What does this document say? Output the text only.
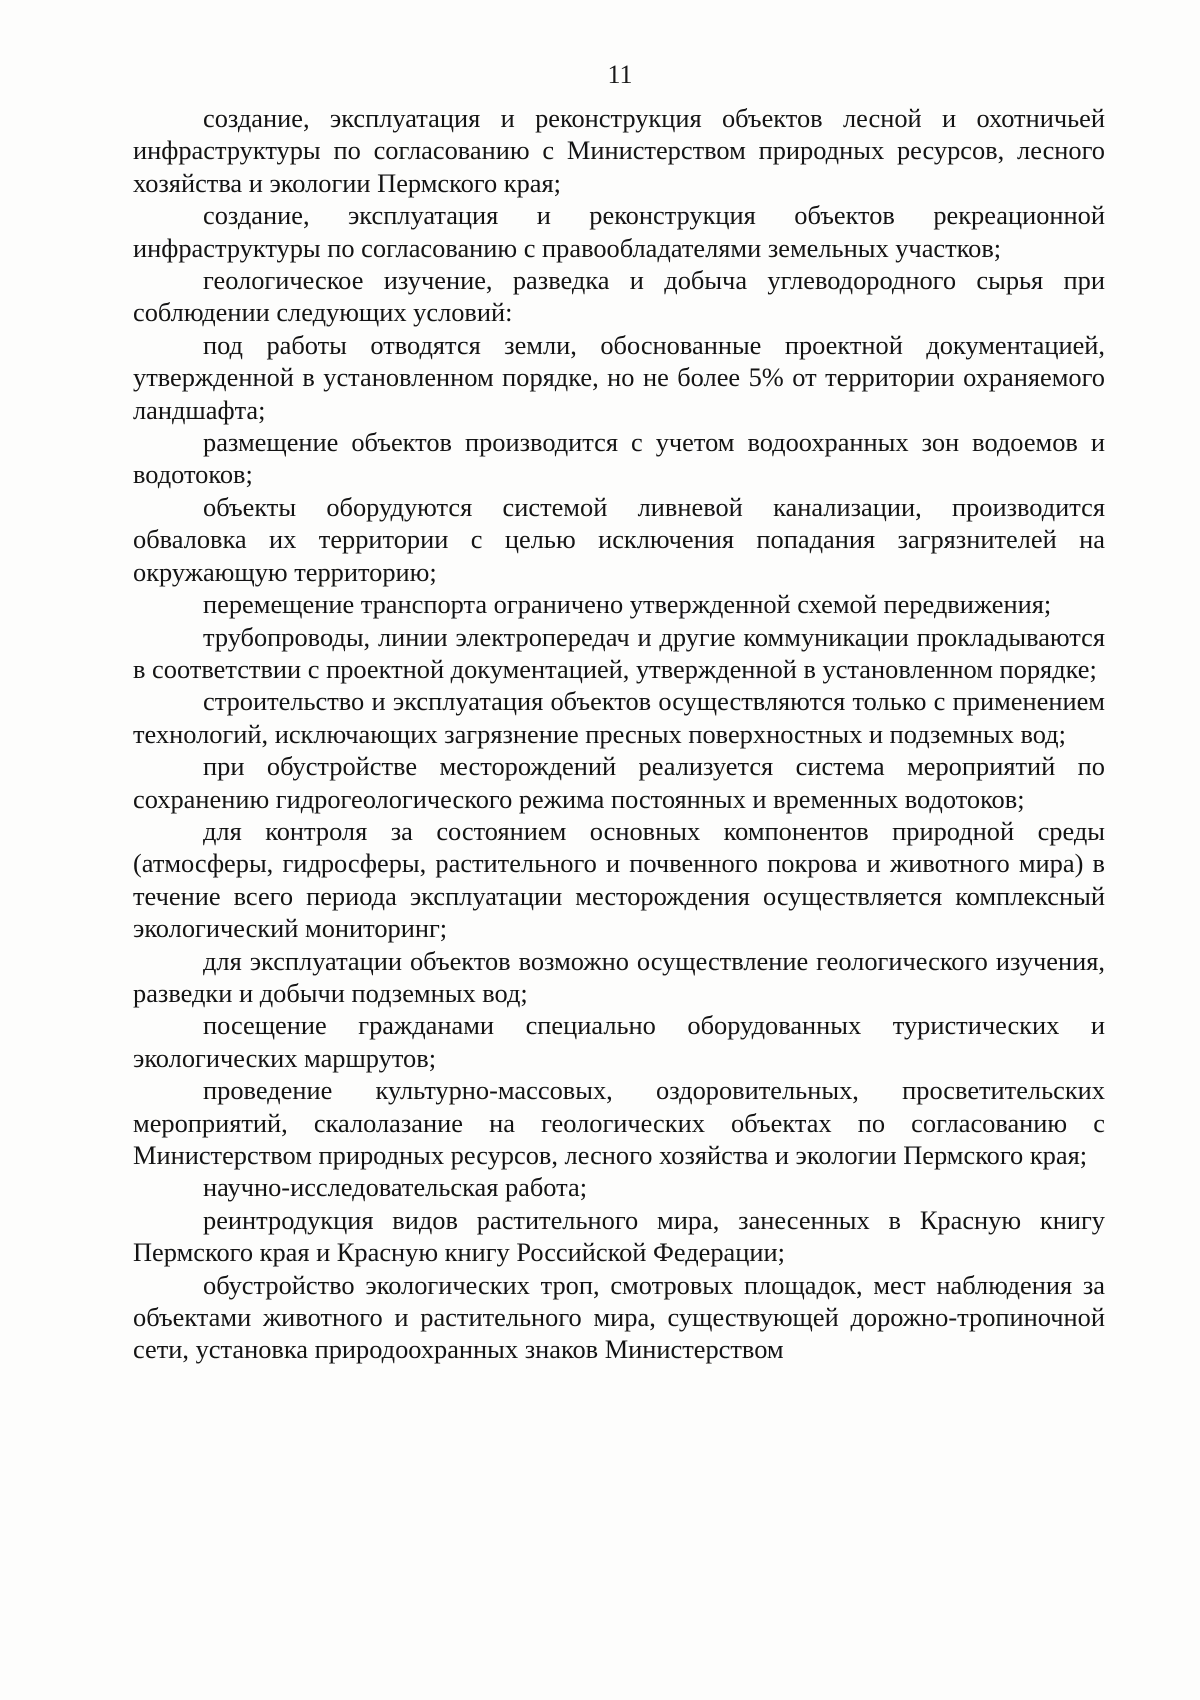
11

создание, эксплуатация и реконструкция объектов лесной и охотничьей инфраструктуры по согласованию с Министерством природных ресурсов, лесного хозяйства и экологии Пермского края;

создание, эксплуатация и реконструкция объектов рекреационной инфраструктуры по согласованию с правообладателями земельных участков;

геологическое изучение, разведка и добыча углеводородного сырья при соблюдении следующих условий:

под работы отводятся земли, обоснованные проектной документацией, утвержденной в установленном порядке, но не более 5% от территории охраняемого ландшафта;

размещение объектов производится с учетом водоохранных зон водоемов и водотоков;

объекты оборудуются системой ливневой канализации, производится обваловка их территории с целью исключения попадания загрязнителей на окружающую территорию;

перемещение транспорта ограничено утвержденной схемой передвижения;

трубопроводы, линии электропередач и другие коммуникации прокладываются в соответствии с проектной документацией, утвержденной в установленном порядке;

строительство и эксплуатация объектов осуществляются только с применением технологий, исключающих загрязнение пресных поверхностных и подземных вод;

при обустройстве месторождений реализуется система мероприятий по сохранению гидрогеологического режима постоянных и временных водотоков;

для контроля за состоянием основных компонентов природной среды (атмосферы, гидросферы, растительного и почвенного покрова и животного мира) в течение всего периода эксплуатации месторождения осуществляется комплексный экологический мониторинг;

для эксплуатации объектов возможно осуществление геологического изучения, разведки и добычи подземных вод;

посещение гражданами специально оборудованных туристических и экологических маршрутов;

проведение культурно-массовых, оздоровительных, просветительских мероприятий, скалолазание на геологических объектах по согласованию с Министерством природных ресурсов, лесного хозяйства и экологии Пермского края;

научно-исследовательская работа;

реинтродукция видов растительного мира, занесенных в Красную книгу Пермского края и Красную книгу Российской Федерации;

обустройство экологических троп, смотровых площадок, мест наблюдения за объектами животного и растительного мира, существующей дорожно-тропиночной сети, установка природоохранных знаков Министерством
